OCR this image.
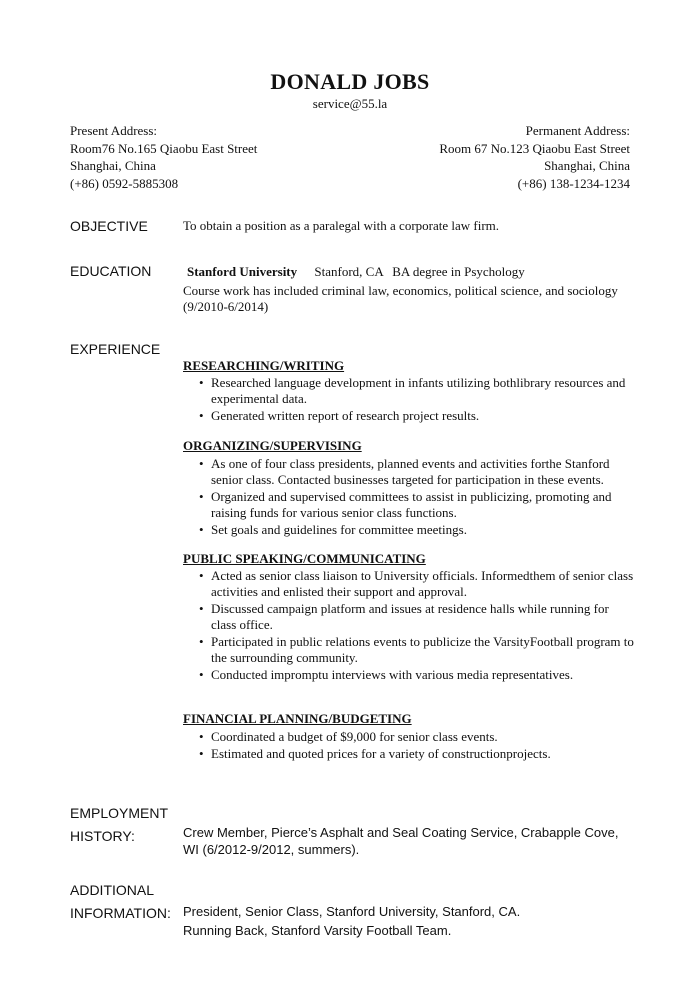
DONALD JOBS
service@55.la
Present Address:
Room76 No.165 Qiaobu East Street
Shanghai, China
(+86) 0592-5885308
Permanent Address:
Room 67 No.123 Qiaobu East Street
Shanghai, China
(+86) 138-1234-1234
OBJECTIVE	To obtain a position as a paralegal with a corporate law firm.
EDUCATION	Stanford University Stanford, CA BA degree in Psychology
Course work has included criminal law, economics, political science, and sociology (9/2010-6/2014)
EXPERIENCE
RESEARCHING/WRITING
• Researched language development in infants utilizing bothlibrary resources and experimental data.
• Generated written report of research project results.
ORGANIZING/SUPERVISING
• As one of four class presidents, planned events and activities forthe Stanford senior class. Contacted businesses targeted for participation in these events.
• Organized and supervised committees to assist in publicizing, promoting and raising funds for various senior class functions.
• Set goals and guidelines for committee meetings.
PUBLIC SPEAKING/COMMUNICATING
• Acted as senior class liaison to University officials. Informedthem of senior class activities and enlisted their support and approval.
• Discussed campaign platform and issues at residence halls while running for class office.
• Participated in public relations events to publicize the VarsityFootball program to the surrounding community.
• Conducted impromptu interviews with various media representatives.
FINANCIAL PLANNING/BUDGETING
• Coordinated a budget of $9,000 for senior class events.
• Estimated and quoted prices for a variety of constructionprojects.
EMPLOYMENT
HISTORY:	Crew Member, Pierce’s Asphalt and Seal Coating Service, Crabapple Cove, WI (6/2012-9/2012, summers).
ADDITIONAL
INFORMATION: President, Senior Class, Stanford University, Stanford, CA.
Running Back, Stanford Varsity Football Team.
